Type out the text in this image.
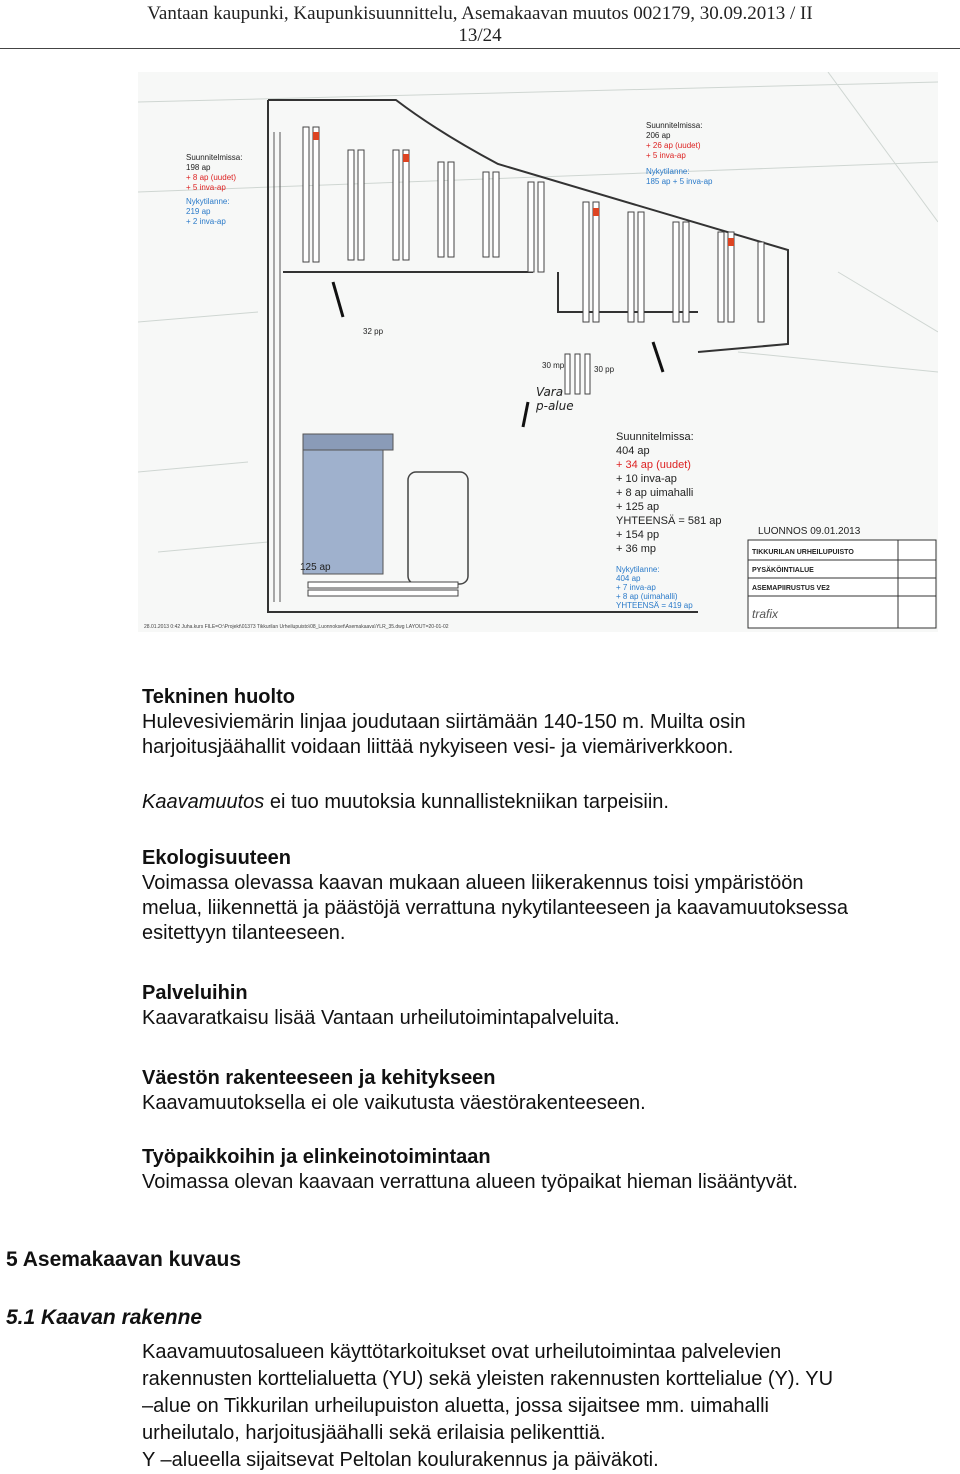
Vantaan kaupunki, Kaupunkisuunnittelu, Asemakaavan muutos 002179, 30.09.2013 / II
13/24
Suunnitelmissa:
198 ap
+ 8 ap (uudet)
+ 5 inva-ap
Nykytilanne:
219 ap
+ 2 inva-ap
Suunnitelmissa:
206 ap
+ 26 ap (uudet)
+ 5 inva-ap
Nykytilanne:
185 ap + 5 inva-ap
Vara
p-alue
125 ap
30 mp
32 pp
30 pp
Suunnitelmissa:
404 ap
+ 34 ap (uudet)
+ 10 inva-ap
+ 8 ap uimahalli
+ 125 ap
YHTEENSÄ = 581 ap
+ 154 pp
+ 36 mp
Nykytilanne:
404 ap
+ 7 inva-ap
+ 8 ap (uimahalli)
YHTEENSÄ = 419 ap
LUONNOS 09.01.2013
TIKKURILAN URHEILUPUISTO
PYSÄKÖINTIALUE
ASEMAPIIRUSTUS VE2
trafix
28.01.2013 0:42 Juha.kurs FILE=O:\Projekt\01373 Tikkurilan Urheilupuisto\08_Luonnokset\Asemakaava\YLR_35.dwg LAYOUT=20-01-02
Tekninen huolto
Hulevesiviemärin linjaa joudutaan siirtämään 140-150 m. Muilta osin
harjoitusjäähallit voidaan liittää nykyiseen vesi- ja viemäriverkkoon.
Kaavamuutos ei tuo muutoksia kunnallistekniikan tarpeisiin.
Ekologisuuteen
Voimassa olevassa kaavan mukaan alueen liikerakennus toisi ympäristöön
melua, liikennettä ja päästöjä verrattuna nykytilanteeseen ja kaavamuutoksessa
esitettyyn tilanteeseen.
Palveluihin
Kaavaratkaisu lisää Vantaan urheilutoimintapalveluita.
Väestön rakenteeseen ja kehitykseen
Kaavamuutoksella ei ole vaikutusta väestörakenteeseen.
Työpaikkoihin ja elinkeinotoimintaan
Voimassa olevan kaavaan verrattuna alueen työpaikat hieman lisääntyvät.
5 Asemakaavan kuvaus
5.1 Kaavan rakenne
Kaavamuutosalueen käyttötarkoitukset ovat urheilutoimintaa palvelevien
rakennusten korttelialuetta (YU) sekä yleisten rakennusten korttelialue (Y). YU
–alue on Tikkurilan urheilupuiston aluetta, jossa sijaitsee mm. uimahalli
urheilutalo, harjoitusjäähalli sekä erilaisia pelikenttiä.
Y –alueella sijaitsevat Peltolan koulurakennus ja päiväkoti.
